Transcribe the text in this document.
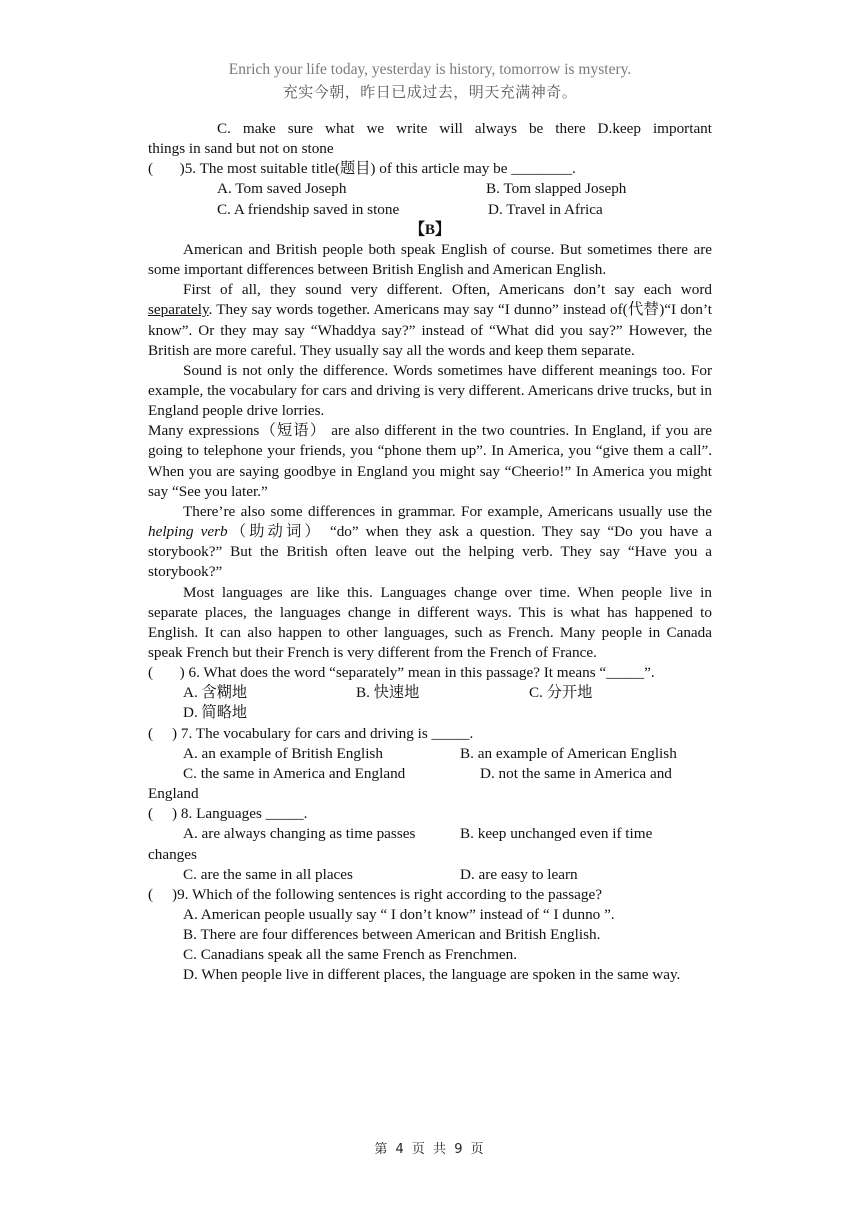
Enrich your life today, yesterday is history, tomorrow is mystery.
充实今朝，昨日已成过去，明天充满神奇。

C. make sure what we write will always be there D.keep important

things in sand but not on stone

(       )5. The most suitable title(题目) of this article may be ________.

A. Tom saved Joseph	B. Tom slapped Joseph
C. A friendship saved in stone	D. Travel in Africa

【B】

American and British people both speak English of course. But sometimes there are some important differences between British English and American English.

First of all, they sound very different. Often, Americans don’t say each word separately. They say words together. Americans may say “I dunno” instead of(代替)“I don’t know”. Or they may say “Whaddya say?” instead of “What did you say?” However, the British are more careful. They usually say all the words and keep them separate.

Sound is not only the difference. Words sometimes have different meanings too. For example, the vocabulary for cars and driving is very different. Americans drive trucks, but in England people drive lorries.

Many expressions（短语） are also different in the two countries. In England, if you are going to telephone your friends, you “phone them up”. In America, you “give them a call”. When you are saying goodbye in England you might say “Cheerio!” In America you might say “See you later.”

There’re also some differences in grammar. For example, Americans usually use the helping verb（助动词） “do” when they ask a question. They say “Do you have a storybook?” But the British often leave out the helping verb. They say “Have you a storybook?”

Most languages are like this. Languages change over time. When people live in separate places, the languages change in different ways. This is what has happened to English. It can also happen to other languages, such as French. Many people in Canada speak French but their French is very different from the French of France.

(       ) 6. What does the word “separately” mean in this passage? It means “_____”.

A. 含糊地	B. 快速地	C. 分开地
D. 简略地

(     ) 7. The vocabulary for cars and driving is _____.

A. an example of British English	B. an example of American English
C. the same in America and England	D. not the same in America and

England

(     ) 8. Languages _____.

A. are always changing as time passes	B. keep unchanged even if time

changes

C. are the same in all places	D. are easy to learn

(     )9. Which of the following sentences is right according to the passage?

A. American people usually say “ I don’t know” instead of “ I dunno ”.

B. There are four differences between American and British English.

C. Canadians speak all the same French as Frenchmen.

D. When people live in different places, the language are spoken in the same way.

第 4 页 共 9 页
